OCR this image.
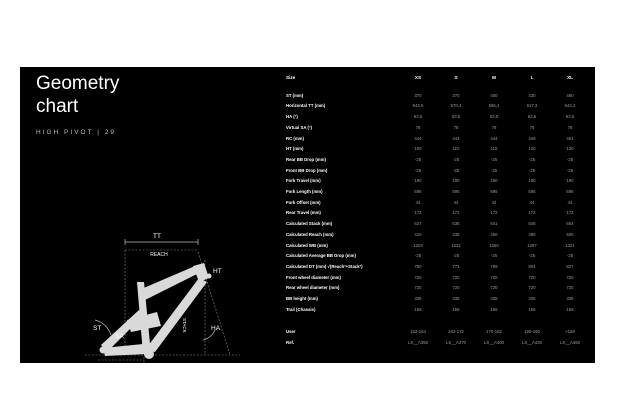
Geometry
chart
HIGH PIVOT | 29
TT
REACH
HT
ST
SA
HA
RC	BB
STACK
Size	XS	S	M	L	XL

ST (mm)	370	370	400	430	460
Horizontal TT (mm)	543,5	570,4	596,4	617,3	644,2
HA (°)	63,5	63,5	63,5	63,5	63,5
Virtual SA (°)	78	78	78	78	78
RC (mm)	444	444	444	449	454
HT (mm)	100	110	115	120	130
Rear BB Drop (mm)	-25	-25	-25	-25	-25
Front BB Drop (mm)	-25	-25	-25	-25	-25
Fork Travel (mm)	190	190	190	190	190
Fork Length (mm)	595	595	595	595	595
Fork Offset (mm)	44	44	44	44	44
Rear Travel (mm)	172	172	172	172	172
Calculated Stack (mm)	627	636	641	645	654
Calculated Reach (mm)	410	435	460	480	505
Calculated WB (mm)	1203	1232	1260	1287	1321
Calculated Average BB Drop (mm)	-25	-25	-25	-25	-25
Calculated DT (mm) √(Reach²+Stack²)	750	771	789	804	827
Front wheel diameter (mm)	720	720	720	720	720
Rear wheel diameter (mm)	720	720	720	720	720
BB height (mm)	335	335	335	335	335
Trail (Chassis)	156	156	156	156	156

User	152-164	163-172	170-182	180-190	>188
Ref.	LS__A350	LS__A370	LS__A400	LS__A430	LS__A460
